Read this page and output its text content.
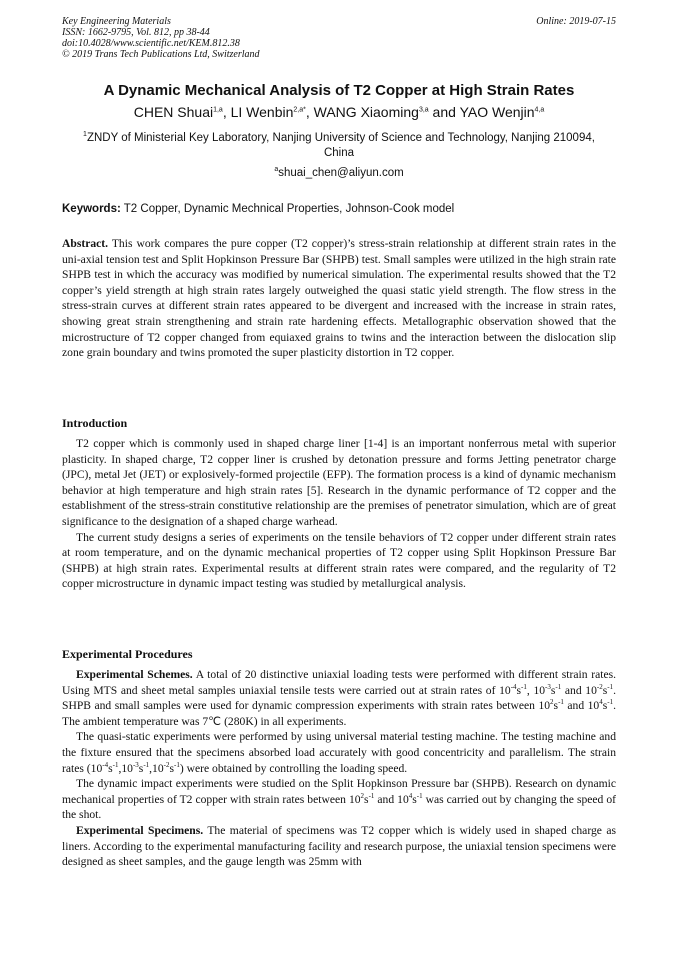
Key Engineering Materials
ISSN: 1662-9795, Vol. 812, pp 38-44
doi:10.4028/www.scientific.net/KEM.812.38
© 2019 Trans Tech Publications Ltd, Switzerland
Online: 2019-07-15
A Dynamic Mechanical Analysis of T2 Copper at High Strain Rates
CHEN Shuai$^{1,a}$, LI Wenbin$^{2,a*}$, WANG Xiaoming$^{3,a}$ and YAO Wenjin$^{4,a}$
$^1$ZNDY of Ministerial Key Laboratory, Nanjing University of Science and Technology, Nanjing 210094, China
$^a$shuai_chen@aliyun.com
Keywords: T2 Copper, Dynamic Mechnical Properties, Johnson-Cook model

Abstract. This work compares the pure copper (T2 copper)’s stress-strain relationship at different strain rates in the uni-axial tension test and Split Hopkinson Pressure Bar (SHPB) test. Small samples were utilized in the high strain rate SHPB test in which the accuracy was modified by numerical simulation. The experimental results showed that the T2 copper’s yield strength at high strain rates largely outweighed the quasi static yield strength. The flow stress in the stress-strain curves at different strain rates appeared to be divergent and increased with the increase in strain rates, showing great strain strengthening and strain rate hardening effects. Metallographic observation showed that the microstructure of T2 copper changed from equiaxed grains to twins and the interaction between the dislocation slip zone grain boundary and twins promoted the super plasticity distortion in T2 copper.

Introduction

T2 copper which is commonly used in shaped charge liner [1-4] is an important nonferrous metal with superior plasticity. In shaped charge, T2 copper liner is crushed by detonation pressure and forms Jetting penetrator charge (JPC), metal Jet (JET) or explosively-formed projectile (EFP). The formation process is a kind of dynamic mechanism behavior at high temperature and high strain rates [5]. Research in the dynamic performance of T2 copper and the establishment of the stress-strain constitutive relationship are the premises of penetrator simulation, which are of great significance to the designation of a shaped charge warhead.

The current study designs a series of experiments on the tensile behaviors of T2 copper under different strain rates at room temperature, and on the dynamic mechanical properties of T2 copper using Split Hopkinson Pressure Bar (SHPB) at high strain rates. Experimental results at different strain rates were compared, and the regularity of T2 copper microstructure in dynamic impact testing was studied by metallurgical analysis.

Experimental Procedures

Experimental Schemes. A total of 20 distinctive uniaxial loading tests were performed with different strain rates. Using MTS and sheet metal samples uniaxial tensile tests were carried out at strain rates of $10^{-4}s^{-1}$, $10^{-3}s^{-1}$ and $10^{-2}s^{-1}$. SHPB and small samples were used for dynamic compression experiments with strain rates between $10^2s^{-1}$ and $10^4s^{-1}$. The ambient temperature was 7℃ (280K) in all experiments.

The quasi-static experiments were performed by using universal material testing machine. The testing machine and the fixture ensured that the specimens absorbed load accurately with good concentricity and parallelism. The strain rates $(10^{-4}s^{-1},10^{-3}s^{-1},10^{-2}s^{-1})$ were obtained by controlling the loading speed.

The dynamic impact experiments were studied on the Split Hopkinson Pressure bar (SHPB). Research on dynamic mechanical properties of T2 copper with strain rates between $10^2s^{-1}$ and $10^4s^{-1}$ was carried out by changing the speed of the shot.

Experimental Specimens. The material of specimens was T2 copper which is widely used in shaped charge as liners. According to the experimental manufacturing facility and research purpose, the uniaxial tension specimens were designed as sheet samples, and the gauge length was 25mm with
